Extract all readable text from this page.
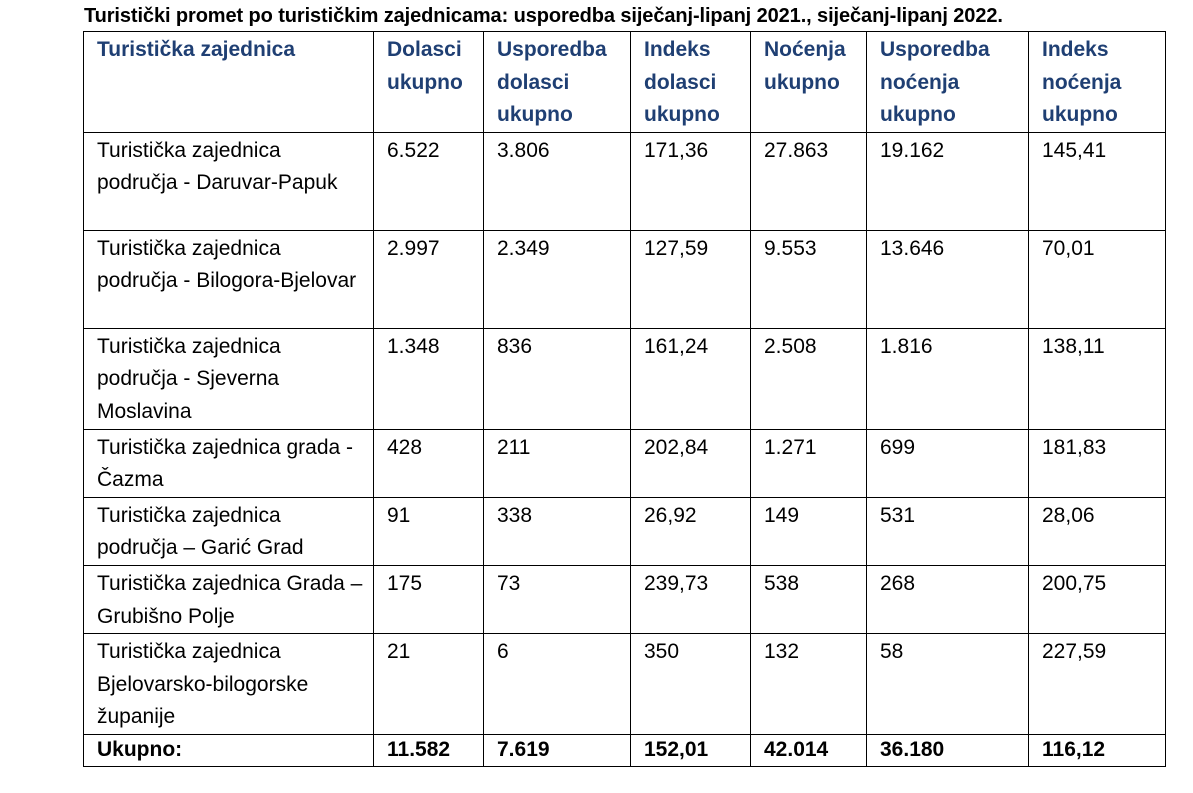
Turistički promet po turističkim zajednicama: usporedba siječanj-lipanj 2021., siječanj-lipanj 2022.
Turistička zajednica	Dolasci ukupno	Usporedba dolasci ukupno	Indeks dolasci ukupno	Noćenja ukupno	Usporedba noćenja ukupno	Indeks noćenja ukupno
Turistička zajednica područja - Daruvar-Papuk	6.522	3.806	171,36	27.863	19.162	145,41
Turistička zajednica područja - Bilogora-Bjelovar	2.997	2.349	127,59	9.553	13.646	70,01
Turistička zajednica područja - Sjeverna Moslavina	1.348	836	161,24	2.508	1.816	138,11
Turistička zajednica grada - Čazma	428	211	202,84	1.271	699	181,83
Turistička zajednica područja – Garić Grad	91	338	26,92	149	531	28,06
Turistička zajednica Grada – Grubišno Polje	175	73	239,73	538	268	200,75
Turistička zajednica Bjelovarsko-bilogorske županije	21	6	350	132	58	227,59
Ukupno:	11.582	7.619	152,01	42.014	36.180	116,12
